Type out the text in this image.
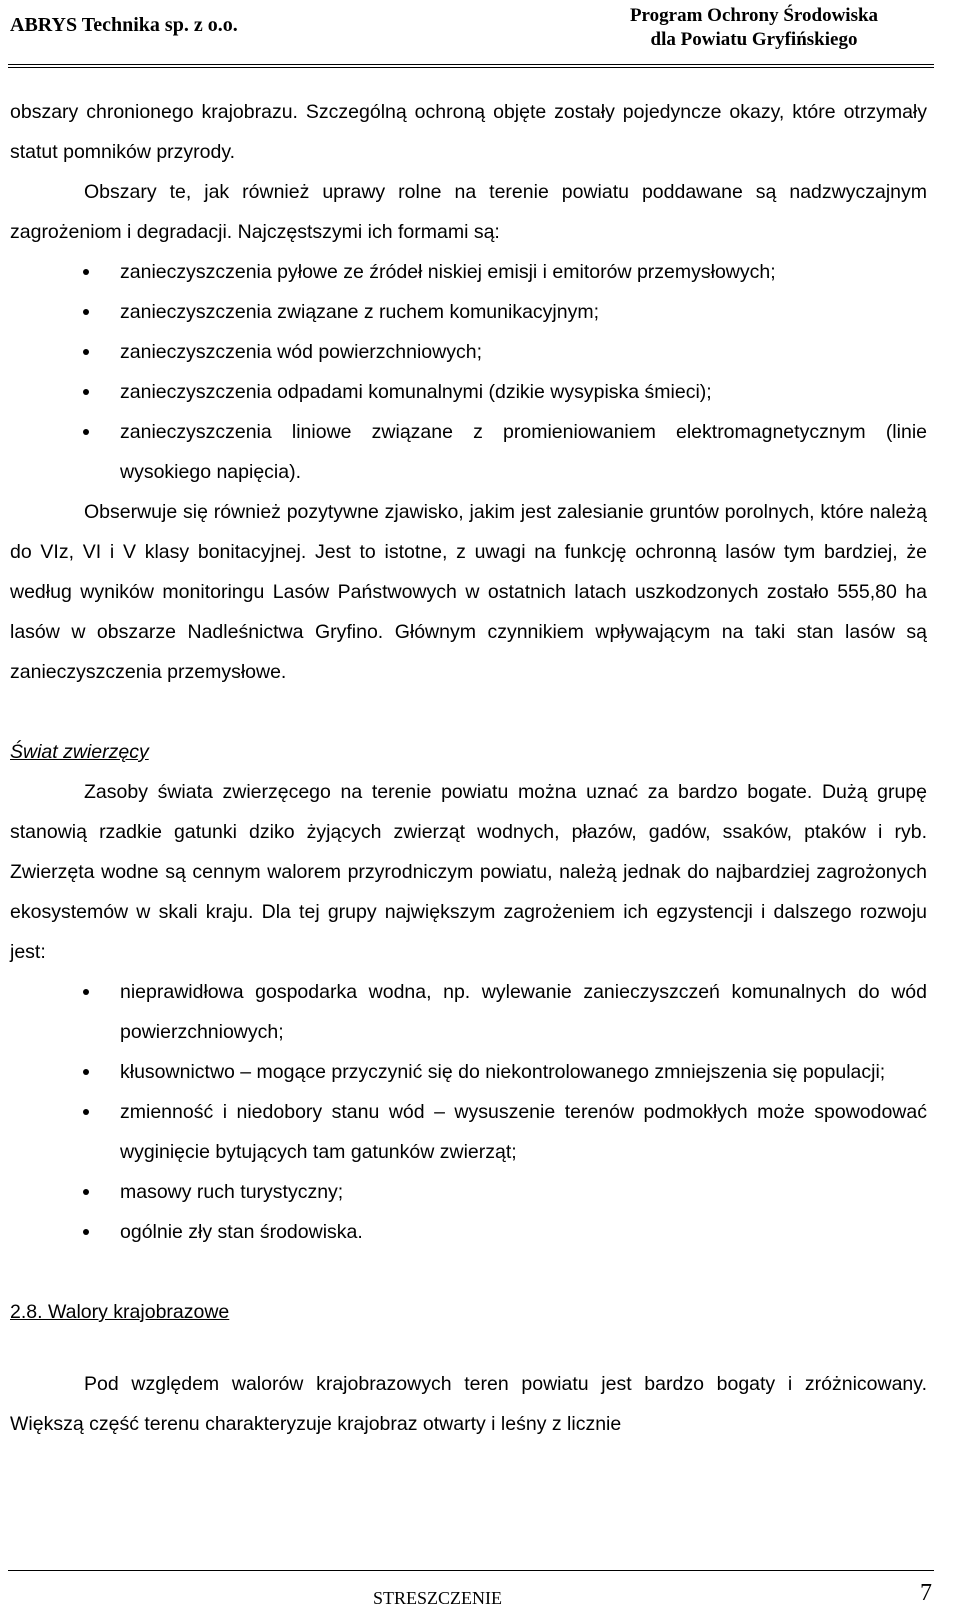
ABRYS Technika sp. z o.o.	Program Ochrony Środowiska
dla Powiatu Gryfińskiego

obszary chronionego krajobrazu. Szczególną ochroną objęte zostały pojedyncze okazy, które otrzymały statut pomników przyrody.

Obszary te, jak również uprawy rolne na terenie powiatu poddawane są nadzwyczajnym zagrożeniom i degradacji. Najczęstszymi ich formami są:

zanieczyszczenia pyłowe ze źródeł niskiej emisji i emitorów przemysłowych;
zanieczyszczenia związane z ruchem komunikacyjnym;
zanieczyszczenia wód powierzchniowych;
zanieczyszczenia odpadami komunalnymi (dzikie wysypiska śmieci);
zanieczyszczenia liniowe związane z promieniowaniem elektromagnetycznym (linie wysokiego napięcia).

Obserwuje się również pozytywne zjawisko, jakim jest zalesianie gruntów porolnych, które należą do VIz, VI i V klasy bonitacyjnej. Jest to istotne, z uwagi na funkcję ochronną lasów tym bardziej, że według wyników monitoringu Lasów Państwowych w ostatnich latach uszkodzonych zostało 555,80 ha lasów w obszarze Nadleśnictwa Gryfino. Głównym czynnikiem wpływającym na taki stan lasów są zanieczyszczenia przemysłowe.

Świat zwierzęcy

Zasoby świata zwierzęcego na terenie powiatu można uznać za bardzo bogate. Dużą grupę stanowią rzadkie gatunki dziko żyjących zwierząt wodnych, płazów, gadów, ssaków, ptaków i ryb. Zwierzęta wodne są cennym walorem przyrodniczym powiatu, należą jednak do najbardziej zagrożonych ekosystemów w skali kraju. Dla tej grupy największym zagrożeniem ich egzystencji i dalszego rozwoju jest:

nieprawidłowa gospodarka wodna, np. wylewanie zanieczyszczeń komunalnych do wód powierzchniowych;
kłusownictwo – mogące przyczynić się do niekontrolowanego zmniejszenia się populacji;
zmienność i niedobory stanu wód – wysuszenie terenów podmokłych może spowodować wyginięcie bytujących tam gatunków zwierząt;
masowy ruch turystyczny;
ogólnie zły stan środowiska.

2.8. Walory krajobrazowe

Pod względem walorów krajobrazowych teren powiatu jest bardzo bogaty i zróżnicowany. Większą część terenu charakteryzuje krajobraz otwarty i leśny z licznie

STRESZCZENIE	7
